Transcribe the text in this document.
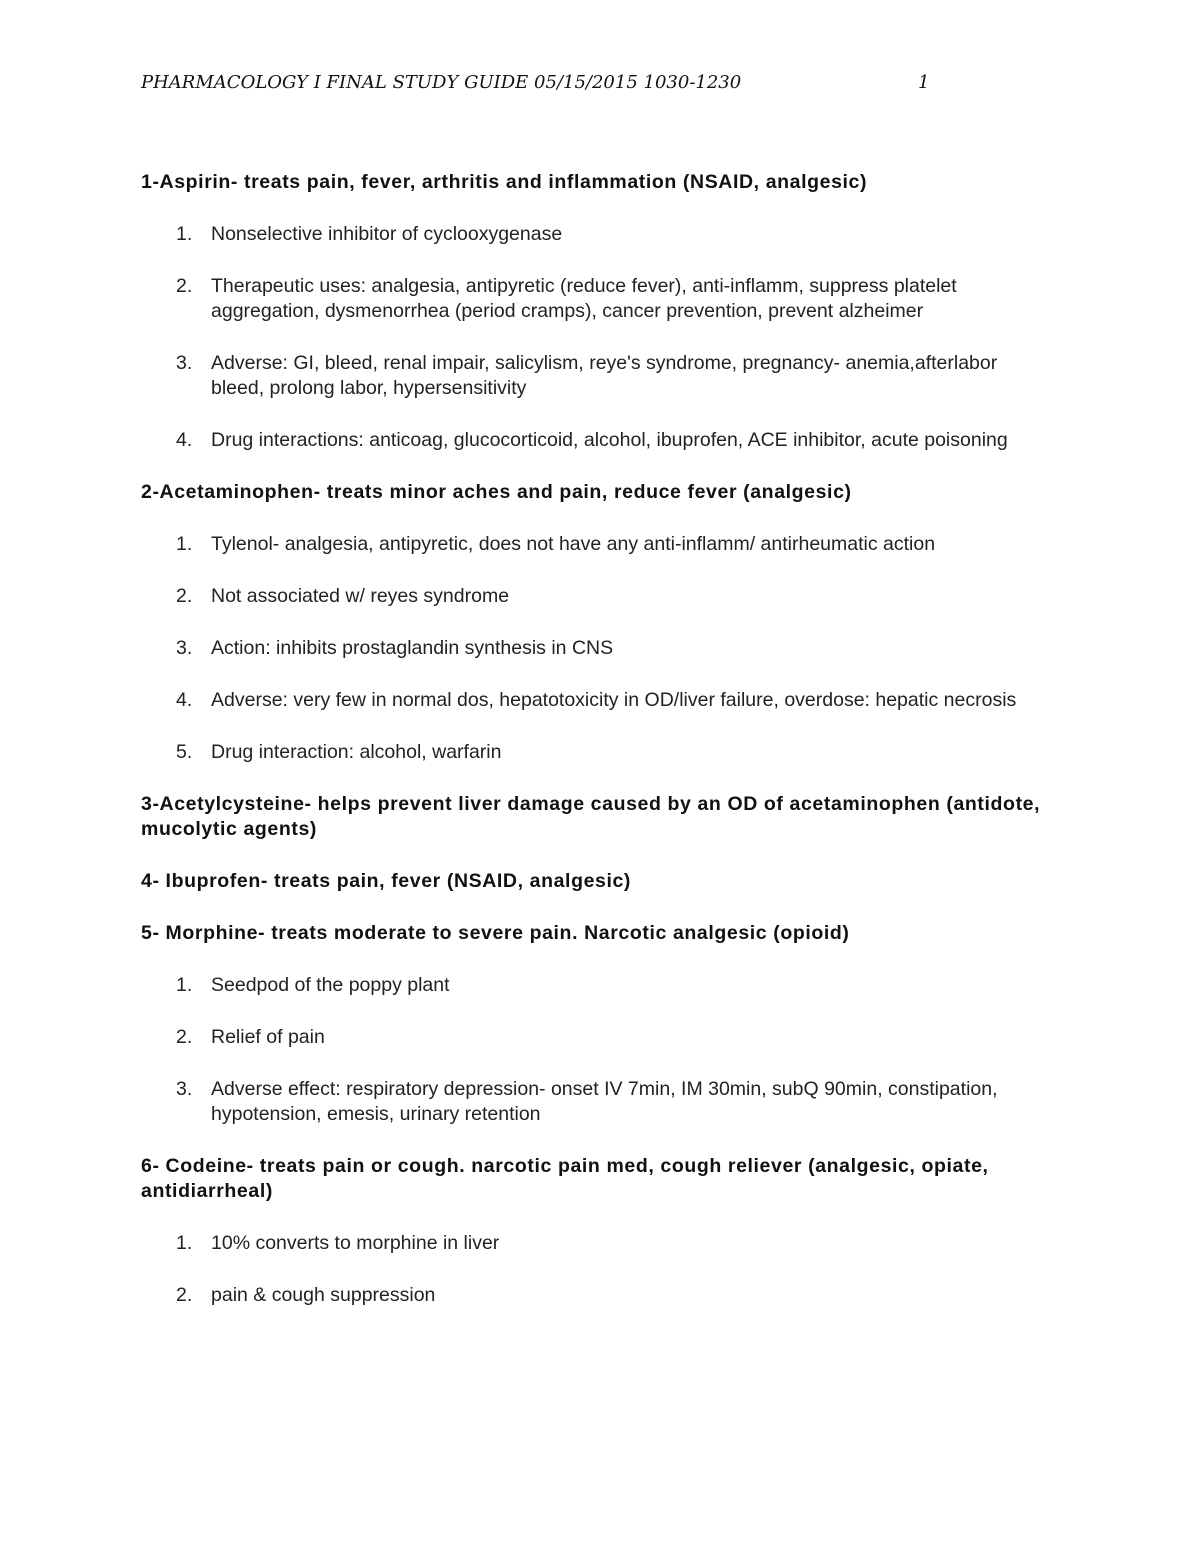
PHARMACOLOGY I FINAL STUDY GUIDE 05/15/2015 1030-1230	1
1-Aspirin- treats pain, fever, arthritis and inflammation (NSAID, analgesic)
1. Nonselective inhibitor of cyclooxygenase
2. Therapeutic uses: analgesia, antipyretic (reduce fever), anti-inflamm, suppress platelet aggregation, dysmenorrhea (period cramps), cancer prevention, prevent alzheimer
3. Adverse: GI, bleed, renal impair, salicylism, reye's syndrome, pregnancy- anemia,afterlabor bleed, prolong labor, hypersensitivity
4. Drug interactions: anticoag, glucocorticoid, alcohol, ibuprofen, ACE inhibitor, acute poisoning
2-Acetaminophen- treats minor aches and pain, reduce fever (analgesic)
1. Tylenol- analgesia, antipyretic, does not have any anti-inflamm/ antirheumatic action
2. Not associated w/ reyes syndrome
3. Action: inhibits prostaglandin synthesis in CNS
4. Adverse: very few in normal dos, hepatotoxicity in OD/liver failure, overdose: hepatic necrosis
5. Drug interaction: alcohol, warfarin
3-Acetylcysteine- helps prevent liver damage caused by an OD of acetaminophen (antidote, mucolytic agents)
4- Ibuprofen- treats pain, fever (NSAID, analgesic)
5- Morphine- treats moderate to severe pain. Narcotic analgesic (opioid)
1. Seedpod of the poppy plant
2. Relief of pain
3. Adverse effect: respiratory depression- onset IV 7min, IM 30min, subQ 90min, constipation, hypotension, emesis, urinary retention
6- Codeine- treats pain or cough. narcotic pain med, cough reliever (analgesic, opiate, antidiarrheal)
1. 10% converts to morphine in liver
2. pain & cough suppression
